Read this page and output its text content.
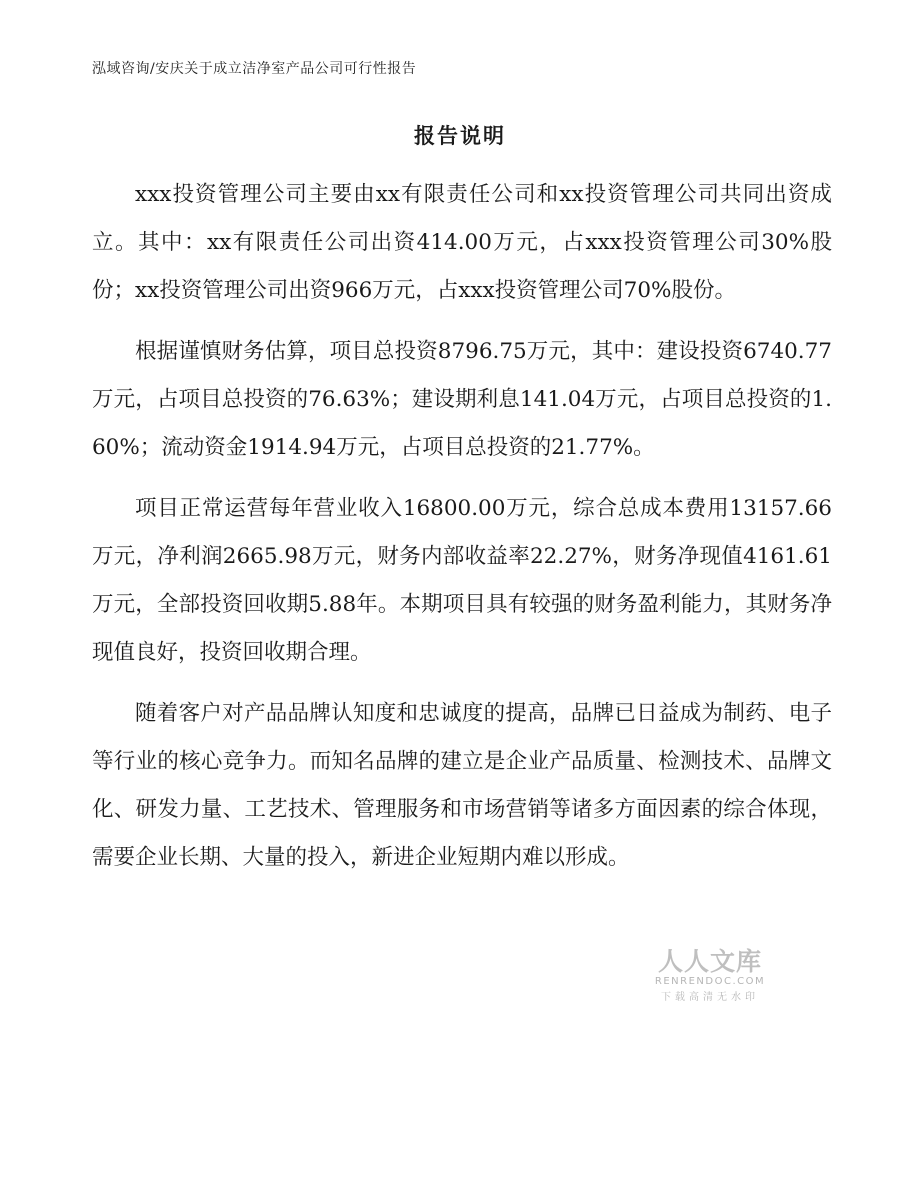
泓域咨询/安庆关于成立洁净室产品公司可行性报告
报告说明

xxx投资管理公司主要由xx有限责任公司和xx投资管理公司共同出资成立。其中：xx有限责任公司出资414.00万元，占xxx投资管理公司30%股份；xx投资管理公司出资966万元，占xxx投资管理公司70%股份。

根据谨慎财务估算，项目总投资8796.75万元，其中：建设投资6740.77万元，占项目总投资的76.63%；建设期利息141.04万元，占项目总投资的1.60%；流动资金1914.94万元，占项目总投资的21.77%。

项目正常运营每年营业收入16800.00万元，综合总成本费用13157.66万元，净利润2665.98万元，财务内部收益率22.27%，财务净现值4161.61万元，全部投资回收期5.88年。本期项目具有较强的财务盈利能力，其财务净现值良好，投资回收期合理。

随着客户对产品品牌认知度和忠诚度的提高，品牌已日益成为制药、电子等行业的核心竞争力。而知名品牌的建立是企业产品质量、检测技术、品牌文化、研发力量、工艺技术、管理服务和市场营销等诸多方面因素的综合体现，需要企业长期、大量的投入，新进企业短期内难以形成。

人人文库
RENRENDOC.COM
下载高清无水印
